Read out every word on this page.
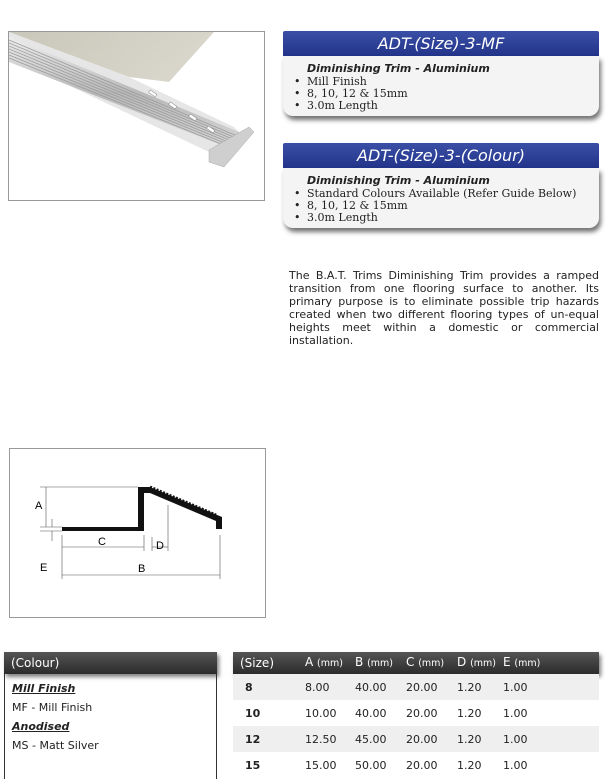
ADT-(Size)-3-MF
Diminishing Trim - Aluminium
• Mill Finish
• 8, 10, 12 & 15mm
• 3.0m Length
ADT-(Size)-3-(Colour)
Diminishing Trim - Aluminium
• Standard Colours Available (Refer Guide Below)
• 8, 10, 12 & 15mm
• 3.0m Length
The B.A.T. Trims Diminishing Trim provides a ramped transition from one flooring surface to another. Its primary purpose is to eliminate possible trip hazards created when two different flooring types of un-equal heights meet within a domestic or commercial installation.
A
E
C	D
B
(Colour)
Mill Finish
MF - Mill Finish
Anodised
MS - Matt Silver
(Size)	A (mm)	B (mm)	C (mm)	D (mm) E (mm)
8	8.00	40.00	20.00	1.20	1.00
10	10.00	40.00	20.00	1.20	1.00
12	12.50	45.00	20.00	1.20	1.00
15	15.00	50.00	20.00	1.20	1.00
